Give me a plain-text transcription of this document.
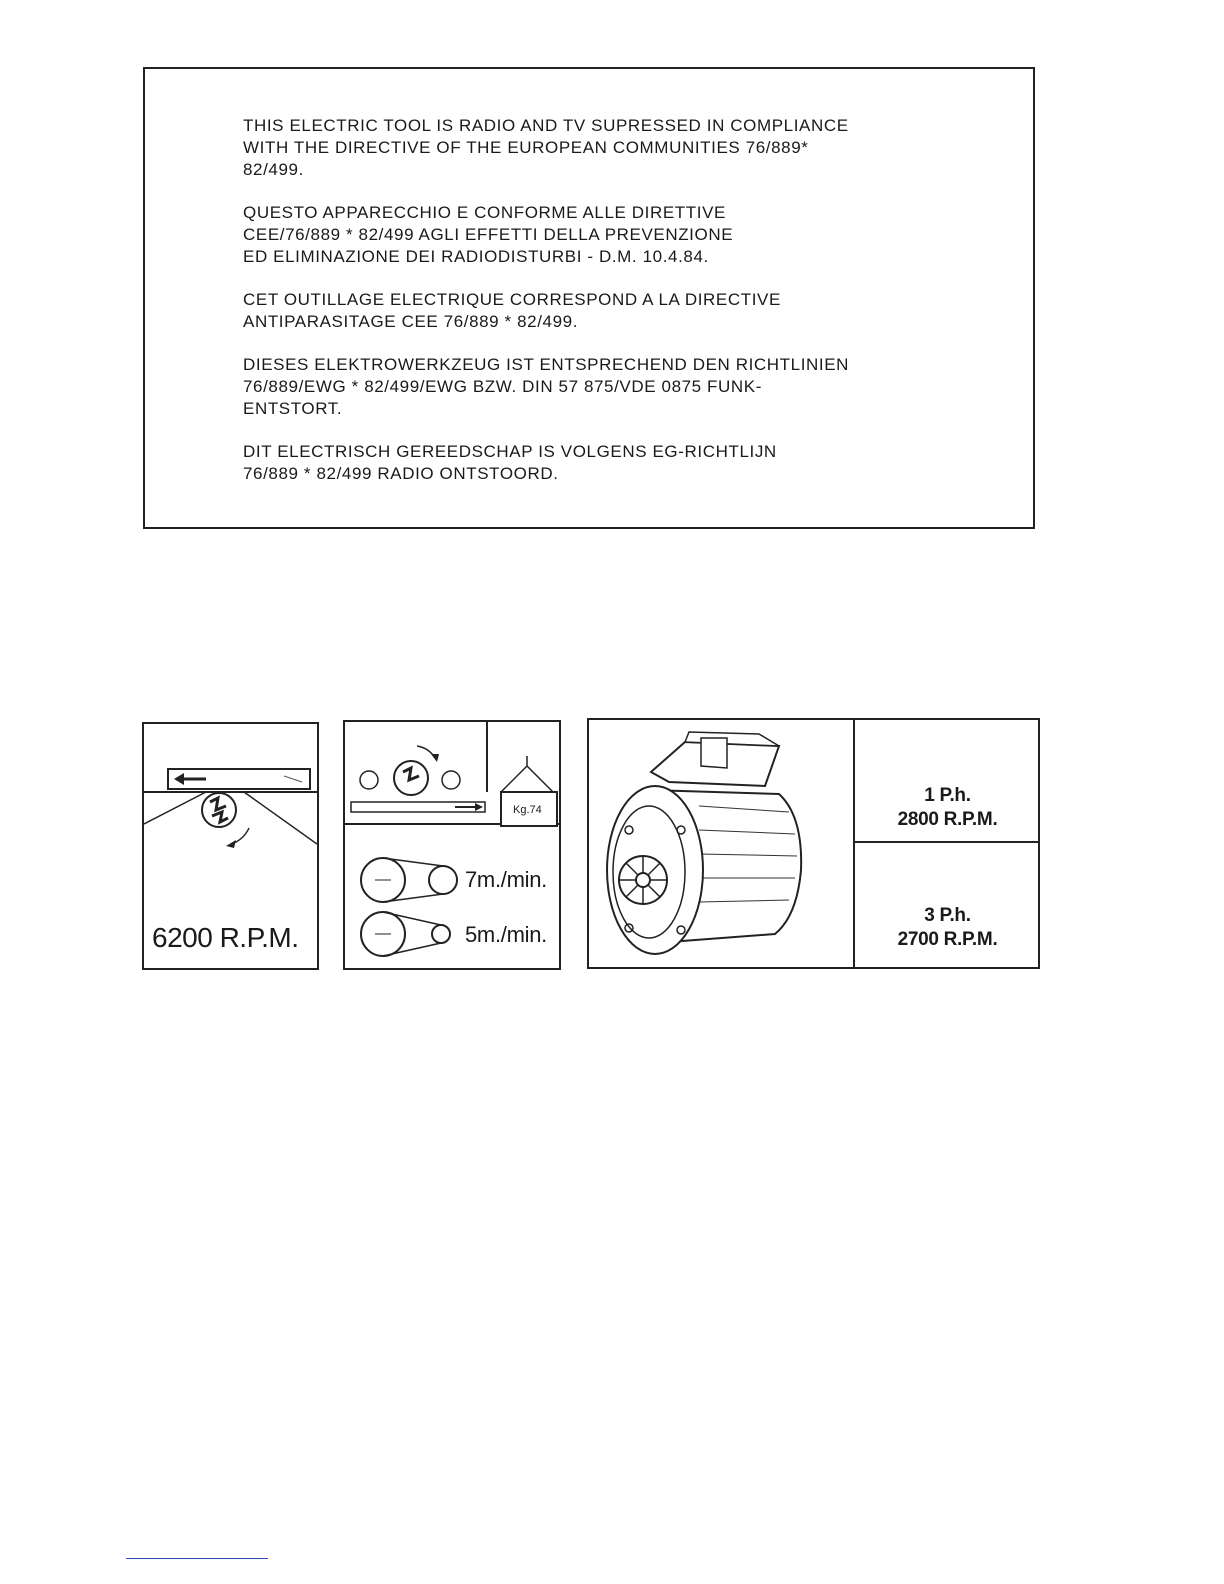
THIS ELECTRIC TOOL IS RADIO AND TV SUPRESSED IN COMPLIANCE
WITH THE DIRECTIVE OF THE EUROPEAN COMMUNITIES 76/889*
82/499.
QUESTO APPARECCHIO E CONFORME ALLE DIRETTIVE
CEE/76/889 * 82/499 AGLI EFFETTI DELLA PREVENZIONE
ED ELIMINAZIONE DEI RADIODISTURBI - D.M. 10.4.84.
CET OUTILLAGE ELECTRIQUE CORRESPOND A LA DIRECTIVE
ANTIPARASITAGE CEE 76/889 * 82/499.
DIESES ELEKTROWERKZEUG IST ENTSPRECHEND DEN RICHTLINIEN
76/889/EWG * 82/499/EWG BZW. DIN 57 875/VDE 0875 FUNK-
ENTSTORT.
DIT ELECTRISCH GEREEDSCHAP IS VOLGENS EG-RICHTLIJN
76/889 * 82/499 RADIO ONTSTOORD.
6200 R.P.M.
Kg.74
7m./min.
5m./min.
1 P.h.
2800 R.P.M.
3 P.h.
2700 R.P.M.
